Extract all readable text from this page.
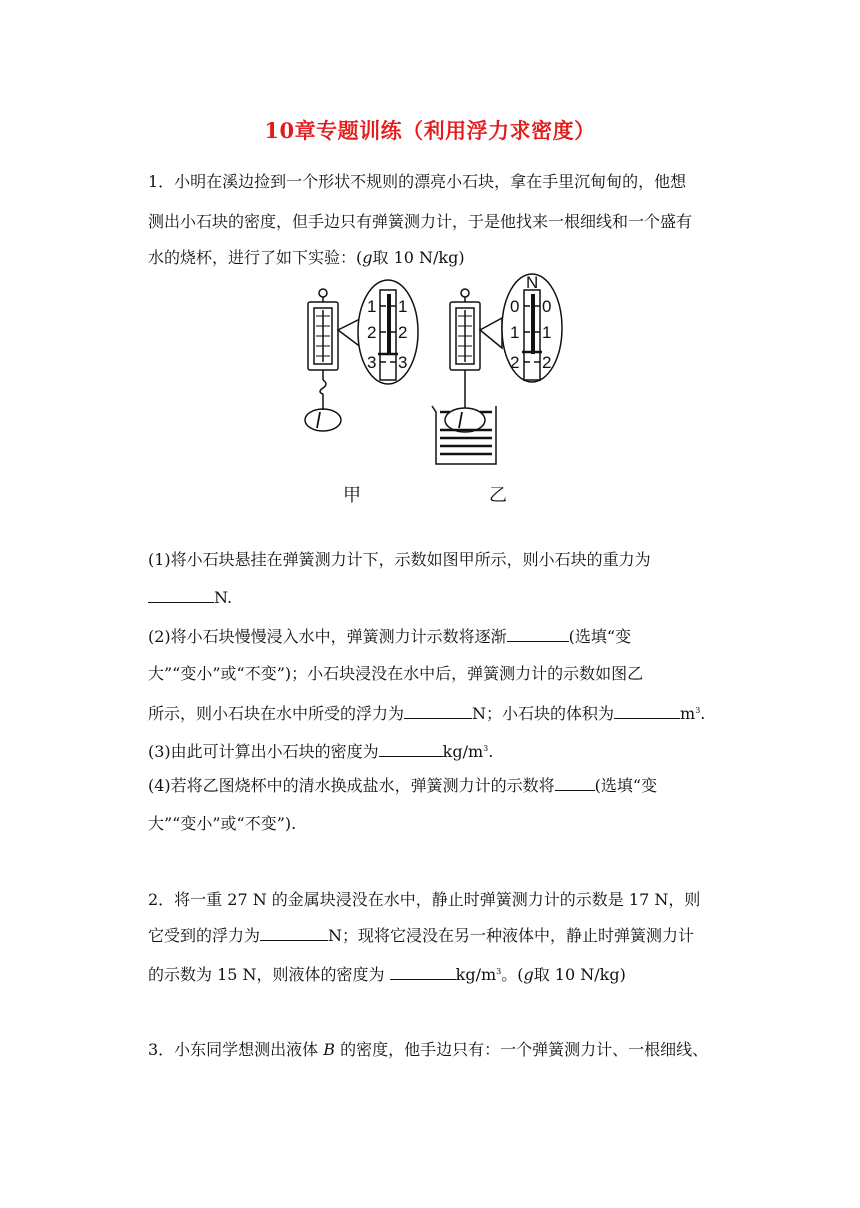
10章专题训练（利用浮力求密度）
1．小明在溪边捡到一个形状不规则的漂亮小石块，拿在手里沉甸甸的，他想
测出小石块的密度，但手边只有弹簧测力计，于是他找来一根细线和一个盛有
水的烧杯，进行了如下实验：(g取 10 N/kg)
1
2
3
1
2
3
N
0
1
2
0
1
2
甲	乙
(1)将小石块悬挂在弹簧测力计下，示数如图甲所示，则小石块的重力为
N.
(2)将小石块慢慢浸入水中，弹簧测力计示数将逐渐	(选填“变
大”“变小”或“不变”)；小石块浸没在水中后，弹簧测力计的示数如图乙
所示，则小石块在水中所受的浮力为	N；小石块的体积为	$m^3$.
(3)由此可计算出小石块的密度为	$kg/m^3$.
(4)若将乙图烧杯中的清水换成盐水，弹簧测力计的示数将	(选填“变
大”“变小”或“不变”).
2．将一重 27 N 的金属块浸没在水中，静止时弹簧测力计的示数是 17 N，则
它受到的浮力为	N；现将它浸没在另一种液体中，静止时弹簧测力计
的示数为 15 N，则液体的密度为	$kg/m^3$。(g取 10 N/kg)
3．小东同学想测出液体 B 的密度，他手边只有：一个弹簧测力计、一根细线、
